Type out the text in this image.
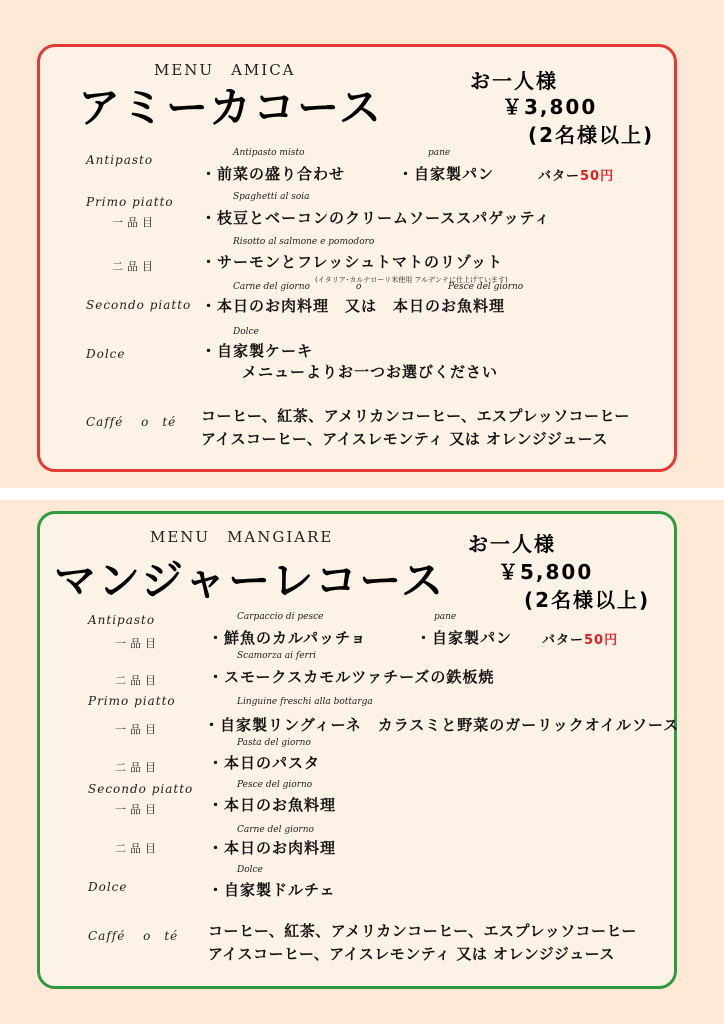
MENU　AMICA
アミーカコース
お一人様
￥3,800
(2名様以上)
Antipasto	Antipasto misto
・前菜の盛り合わせ
pane
・自家製パン	バター50円
Primo piatto	Spaghetti al soia
一品目	・枝豆とベーコンのクリームソーススパゲッティ
Risotto al salmone e pomodoro
二品目	・サーモンとフレッシュトマトのリゾット
(イタリア･カルナローリ米使用 アルデンテに仕上げています)
Secondo piatto
Carne del giorno	o	Pesce del giorno
・本日のお肉料理　又は　本日のお魚料理
Dolce
Dolce
・自家製ケーキ
メニューよりお一つお選びください
Caffé　 o　té コーヒー、紅茶、アメリカンコーヒー、エスプレッソコーヒー
アイスコーヒー、アイスレモンティ 又は オレンジジュース
MENU　MANGIARE
マンジャーレコース
お一人様
￥5,800
(2名様以上)
Antipasto	Carpaccio di pesce
一品目	・鮮魚のカルパッチョ
pane
・自家製パン バター50円
Scamorza ai ferri
二品目	・スモークスカモルツァチーズの鉄板焼
Primo piatto	Linguine freschi alla bottarga
一品目	・自家製リングィーネ　カラスミと野菜のガーリックオイルソース
Pasta del giorno
二品目	・本日のパスタ
Secondo piatto	Pesce del giorno
一品目	・本日のお魚料理
Carne del giorno
二品目	・本日のお肉料理
Dolce
Dolce
・自家製ドルチェ
Caffé　 o　té コーヒー、紅茶、アメリカンコーヒー、エスプレッソコーヒー
アイスコーヒー、アイスレモンティ 又は オレンジジュース
